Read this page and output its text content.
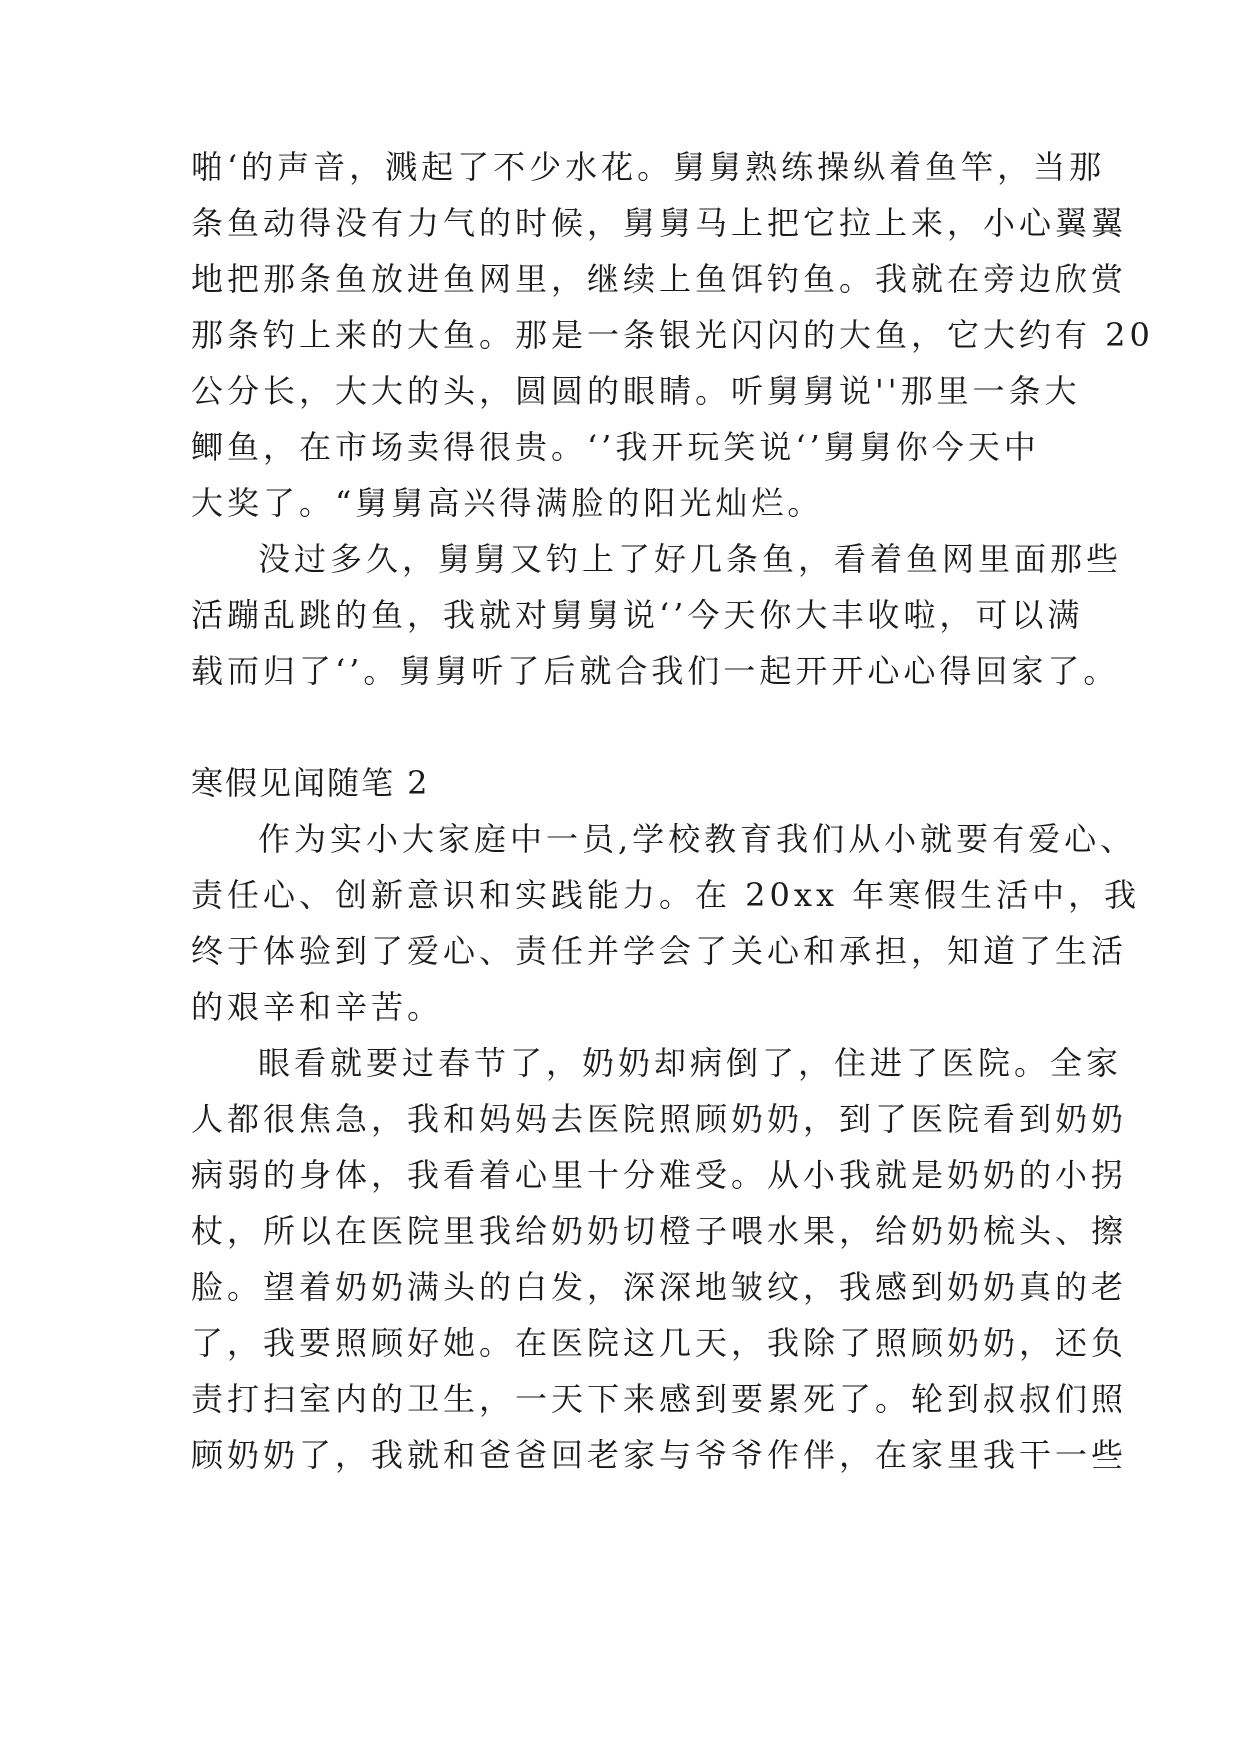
啪‘的声音，溅起了不少水花。舅舅熟练操纵着鱼竿，当那
条鱼动得没有力气的时候，舅舅马上把它拉上来，小心翼翼
地把那条鱼放进鱼网里，继续上鱼饵钓鱼。我就在旁边欣赏
那条钓上来的大鱼。那是一条银光闪闪的大鱼，它大约有 20
公分长，大大的头，圆圆的眼睛。听舅舅说''那里一条大
鲫鱼，在市场卖得很贵。‘’我开玩笑说‘’舅舅你今天中
大奖了。“舅舅高兴得满脸的阳光灿烂。
没过多久，舅舅又钓上了好几条鱼，看着鱼网里面那些
活蹦乱跳的鱼，我就对舅舅说‘’今天你大丰收啦，可以满
载而归了‘’。舅舅听了后就合我们一起开开心心得回家了。
寒假见闻随笔 2
作为实小大家庭中一员,学校教育我们从小就要有爱心、
责任心、创新意识和实践能力。在 20xx 年寒假生活中，我
终于体验到了爱心、责任并学会了关心和承担，知道了生活
的艰辛和辛苦。
眼看就要过春节了，奶奶却病倒了，住进了医院。全家
人都很焦急，我和妈妈去医院照顾奶奶，到了医院看到奶奶
病弱的身体，我看着心里十分难受。从小我就是奶奶的小拐
杖，所以在医院里我给奶奶切橙子喂水果，给奶奶梳头、擦
脸。望着奶奶满头的白发，深深地皱纹，我感到奶奶真的老
了，我要照顾好她。在医院这几天，我除了照顾奶奶，还负
责打扫室内的卫生，一天下来感到要累死了。轮到叔叔们照
顾奶奶了，我就和爸爸回老家与爷爷作伴，在家里我干一些
